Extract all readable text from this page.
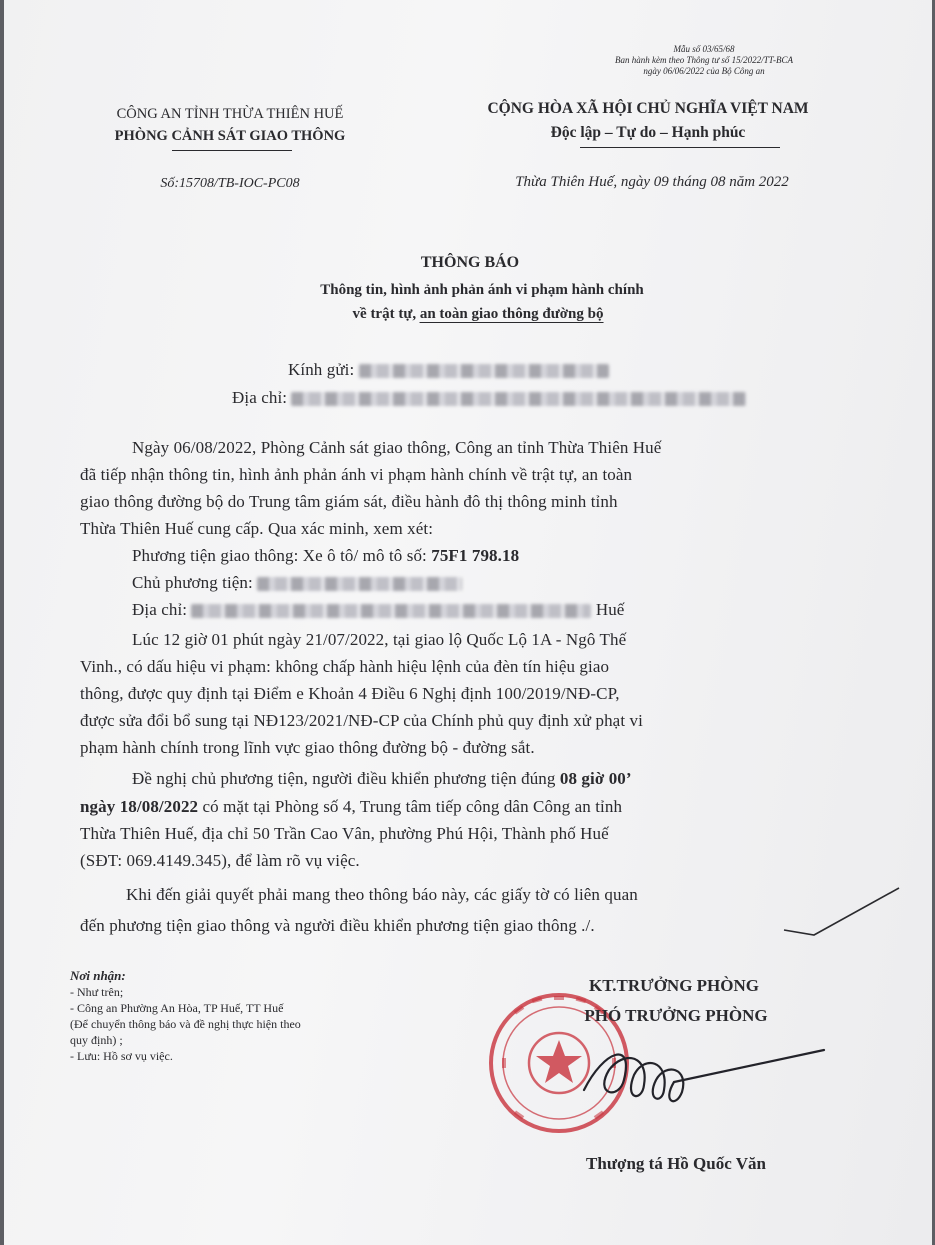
Mẫu số 03/65/68
Ban hành kèm theo Thông tư số 15/2022/TT-BCA
ngày 06/06/2022 của Bộ Công an
CÔNG AN TỈNH THỪA THIÊN HUẾ
PHÒNG CẢNH SÁT GIAO THÔNG
Số:15708/TB-IOC-PC08
CỘNG HÒA XÃ HỘI CHỦ NGHĨA VIỆT NAM
Độc lập – Tự do – Hạnh phúc
Thừa Thiên Huế, ngày 09 tháng 08 năm 2022
THÔNG BÁO
Thông tin, hình ảnh phản ánh vi phạm hành chính
về trật tự, an toàn giao thông đường bộ
Kính gửi:
Địa chỉ:
Ngày 06/08/2022, Phòng Cảnh sát giao thông, Công an tỉnh Thừa Thiên Huế
đã tiếp nhận thông tin, hình ảnh phản ánh vi phạm hành chính về trật tự, an toàn
giao thông đường bộ do Trung tâm giám sát, điều hành đô thị thông minh tỉnh
Thừa Thiên Huế cung cấp. Qua xác minh, xem xét:
Phương tiện giao thông: Xe ô tô/ mô tô số: 75F1 798.18
Chủ phương tiện:
Địa chỉ:	Huế
Lúc 12 giờ 01 phút ngày 21/07/2022, tại giao lộ Quốc Lộ 1A - Ngô Thế
Vinh., có dấu hiệu vi phạm: không chấp hành hiệu lệnh của đèn tín hiệu giao
thông, được quy định tại Điểm e Khoản 4 Điều 6 Nghị định 100/2019/NĐ-CP,
được sửa đổi bổ sung tại NĐ123/2021/NĐ-CP của Chính phủ quy định xử phạt vi
phạm hành chính trong lĩnh vực giao thông đường bộ - đường sắt.
Đề nghị chủ phương tiện, người điều khiển phương tiện đúng 08 giờ 00’
ngày 18/08/2022 có mặt tại Phòng số 4, Trung tâm tiếp công dân Công an tỉnh
Thừa Thiên Huế, địa chỉ 50 Trần Cao Vân, phường Phú Hội, Thành phố Huế
(SĐT: 069.4149.345), để làm rõ vụ việc.
Khi đến giải quyết phải mang theo thông báo này, các giấy tờ có liên quan
đến phương tiện giao thông và người điều khiển phương tiện giao thông ./.
Nơi nhận:
- Như trên;
- Công an Phường An Hòa, TP Huế, TT Huế
(Để chuyển thông báo và đề nghị thực hiện theo
quy định) ;
- Lưu: Hồ sơ vụ việc.
KT.TRƯỞNG PHÒNG
PHÓ TRƯỞNG PHÒNG
Thượng tá Hồ Quốc Văn
